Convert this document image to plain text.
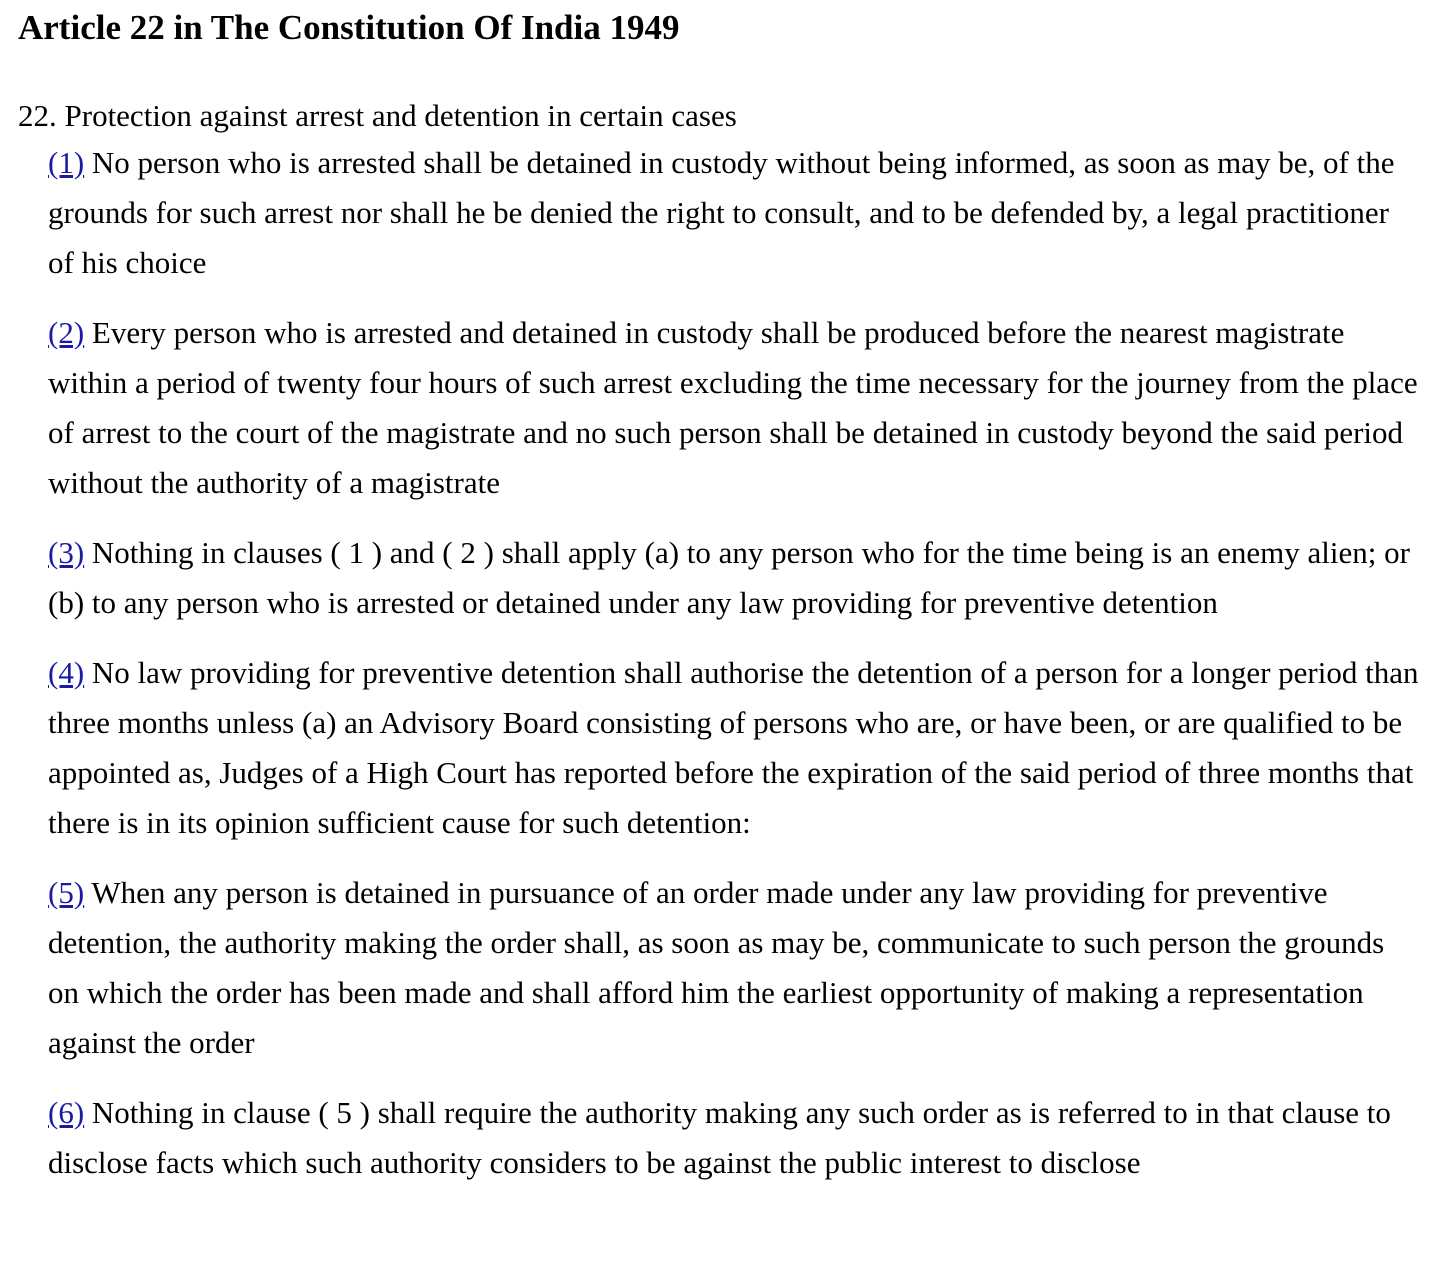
Article 22 in The Constitution Of India 1949
22. Protection against arrest and detention in certain cases

(1) No person who is arrested shall be detained in custody without being informed, as soon as may be, of the grounds for such arrest nor shall he be denied the right to consult, and to be defended by, a legal practitioner of his choice

(2) Every person who is arrested and detained in custody shall be produced before the nearest magistrate within a period of twenty four hours of such arrest excluding the time necessary for the journey from the place of arrest to the court of the magistrate and no such person shall be detained in custody beyond the said period without the authority of a magistrate

(3) Nothing in clauses ( 1 ) and ( 2 ) shall apply (a) to any person who for the time being is an enemy alien; or (b) to any person who is arrested or detained under any law providing for preventive detention

(4) No law providing for preventive detention shall authorise the detention of a person for a longer period than three months unless (a) an Advisory Board consisting of persons who are, or have been, or are qualified to be appointed as, Judges of a High Court has reported before the expiration of the said period of three months that there is in its opinion sufficient cause for such detention:

(5) When any person is detained in pursuance of an order made under any law providing for preventive detention, the authority making the order shall, as soon as may be, communicate to such person the grounds on which the order has been made and shall afford him the earliest opportunity of making a representation against the order

(6) Nothing in clause ( 5 ) shall require the authority making any such order as is referred to in that clause to disclose facts which such authority considers to be against the public interest to disclose
